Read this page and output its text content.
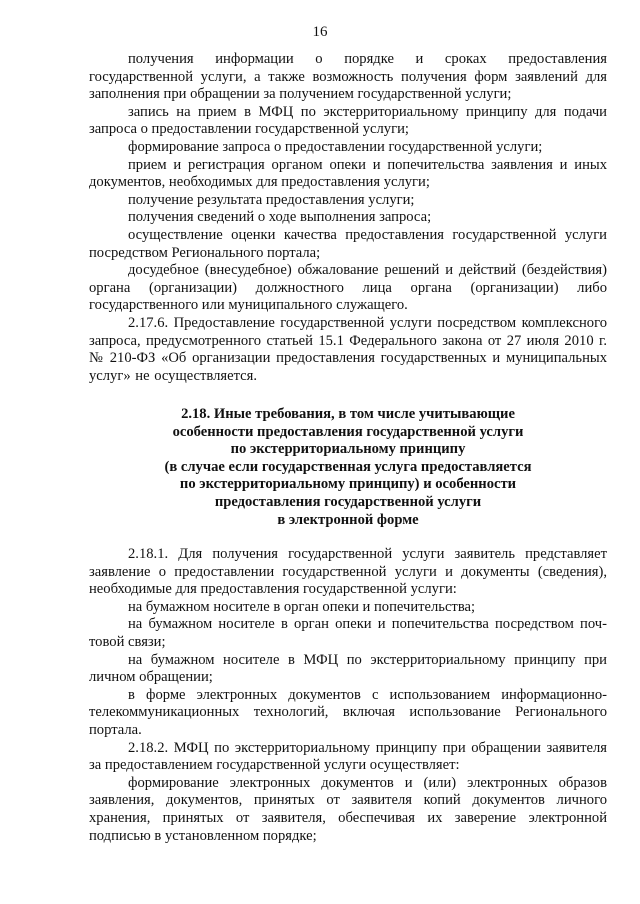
16

получения информации о порядке и сроках предоставления государственной услуги, а также возможность получения форм заявлений для заполнения при обращении за получением государственной услуги;

запись на прием в МФЦ по экстерриториальному принципу для подачи запроса о предоставлении государственной услуги;

формирование запроса о предоставлении государственной услуги;

прием и регистрация органом опеки и попечительства заявления и иных документов, необходимых для предоставления услуги;

получение результата предоставления услуги;

получения сведений о ходе выполнения запроса;

осуществление оценки качества предоставления государственной услуги посредством Регионального портала;

досудебное (внесудебное) обжалование решений и действий (бездействия) органа (организации) должностного лица органа (организации) либо государственного или муниципального служащего.

2.17.6. Предоставление государственной услуги посредством комплексного запроса, предусмотренного статьей 15.1 Федерального закона от 27 июля 2010 г. № 210-ФЗ «Об организации предоставления государственных и муниципальных услуг» не осуществляется.

2.18. Иные требования, в том числе учитывающие
особенности предоставления государственной услуги
по экстерриториальному принципу
(в случае если государственная услуга предоставляется
по экстерриториальному принципу) и особенности
предоставления государственной услуги
в электронной форме

2.18.1. Для получения государственной услуги заявитель представляет заявление о предоставлении государственной услуги и документы (сведения), необходимые для предоставления государственной услуги:

на бумажном носителе в орган опеки и попечительства;

на бумажном носителе в орган опеки и попечительства посредством почтовой связи;

на бумажном носителе в МФЦ по экстерриториальному принципу при личном обращении;

в форме электронных документов с использованием информационно-телекоммуникационных технологий, включая использование Регионального портала.

2.18.2. МФЦ по экстерриториальному принципу при обращении заявителя за предоставлением государственной услуги осуществляет:

формирование электронных документов и (или) электронных образов заявления, документов, принятых от заявителя копий документов личного хранения, принятых от заявителя, обеспечивая их заверение электронной подписью в установленном порядке;
